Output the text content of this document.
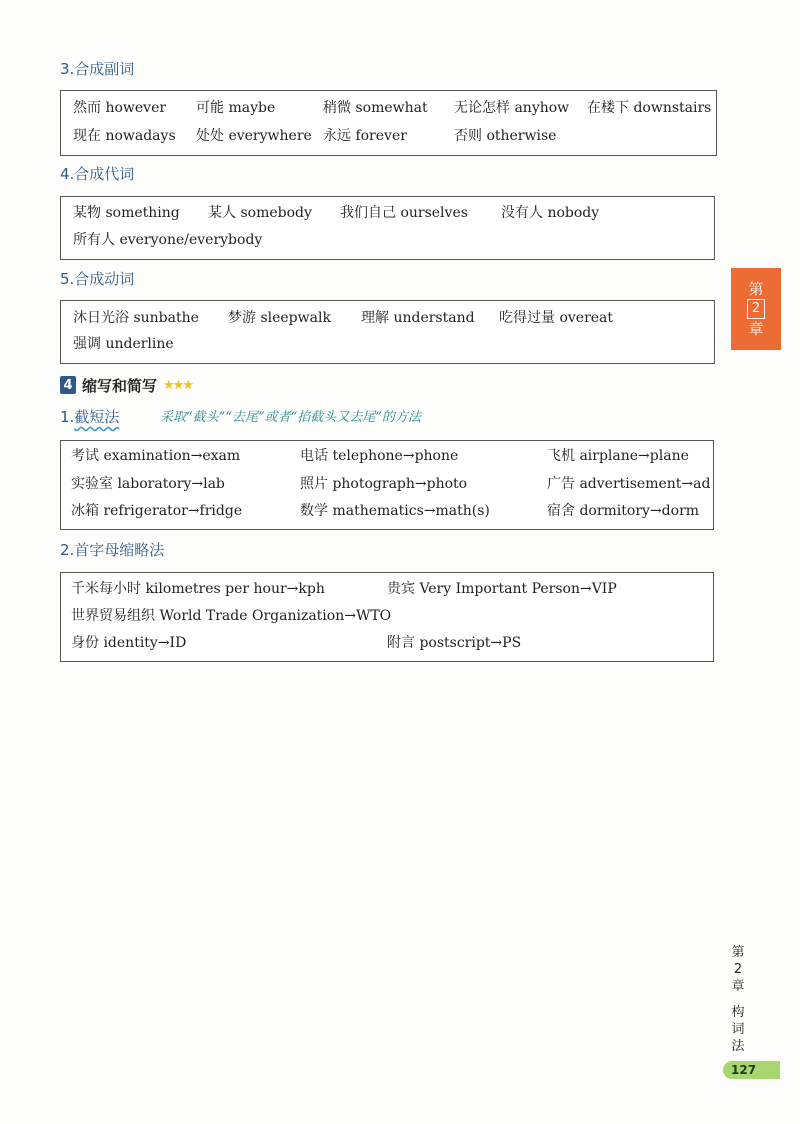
3.合成副词
然而 however 可能 maybe	稍微 somewhat 无论怎样 anyhow 在楼下 downstairs
现在 nowadays 处处 everywhere 永远 forever	否则 otherwise
4.合成代词
某物 something 某人 somebody 我们自己 ourselves 没有人 nobody
所有人 everyone/everybody
5.合成动词
沐日光浴 sunbathe 梦游 sleepwalk 理解 understand 吃得过量 overeat
强调 underline
第
2
章
4 缩写和简写 ★★★
1.截短法	采取“截头”“去尾”或者“掐截头又去尾”的方法
考试 examination→exam	电话 telephone→phone	飞机 airplane→plane
实验室 laboratory→lab	照片 photograph→photo	广告 advertisement→ad
冰箱 refrigerator→fridge	数学 mathematics→math(s)	宿舍 dormitory→dorm
2.首字母缩略法
千米每小时 kilometres per hour→kph	贵宾 Very Important Person→VIP
世界贸易组织 World Trade Organization→WTO
身份 identity→ID	附言 postscript→PS
第
2
章
构
词
法
127
